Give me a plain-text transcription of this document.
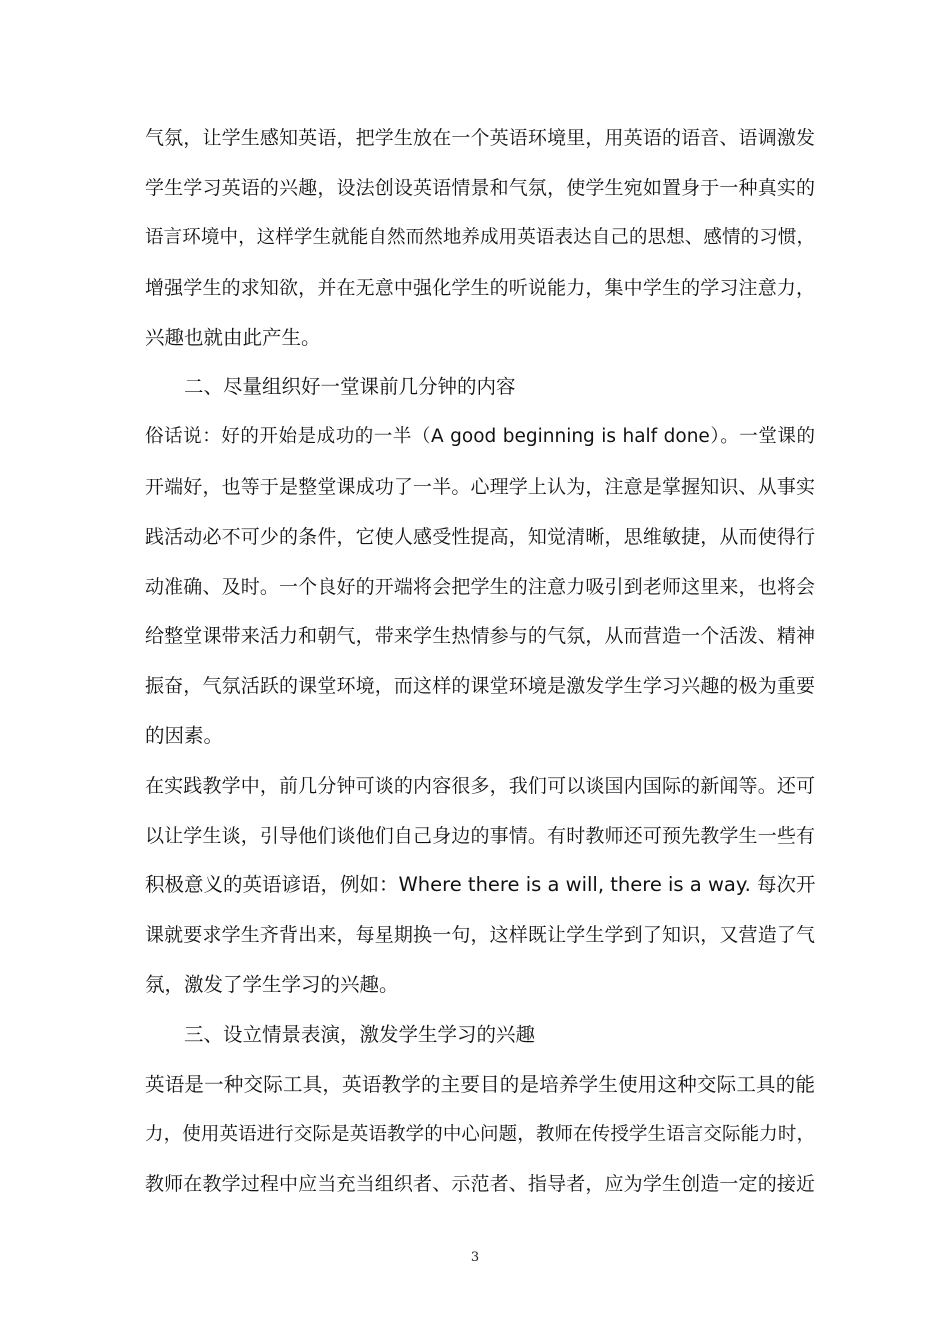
气氛，让学生感知英语，把学生放在一个英语环境里，用英语的语音、语调激发
学生学习英语的兴趣，设法创设英语情景和气氛，使学生宛如置身于一种真实的
语言环境中，这样学生就能自然而然地养成用英语表达自己的思想、感情的习惯，
增强学生的求知欲，并在无意中强化学生的听说能力，集中学生的学习注意力，
兴趣也就由此产生。
二、尽量组织好一堂课前几分钟的内容
俗话说：好的开始是成功的一半（A good beginning is half done）。一堂课的
开端好，也等于是整堂课成功了一半。心理学上认为，注意是掌握知识、从事实
践活动必不可少的条件，它使人感受性提高，知觉清晰，思维敏捷，从而使得行
动准确、及时。一个良好的开端将会把学生的注意力吸引到老师这里来，也将会
给整堂课带来活力和朝气，带来学生热情参与的气氛，从而营造一个活泼、精神
振奋，气氛活跃的课堂环境，而这样的课堂环境是激发学生学习兴趣的极为重要
的因素。
在实践教学中，前几分钟可谈的内容很多，我们可以谈国内国际的新闻等。还可
以让学生谈，引导他们谈他们自己身边的事情。有时教师还可预先教学生一些有
积极意义的英语谚语，例如：Where there is a will, there is a way. 每次开
课就要求学生齐背出来，每星期换一句，这样既让学生学到了知识，又营造了气
氛，激发了学生学习的兴趣。
三、设立情景表演，激发学生学习的兴趣
英语是一种交际工具，英语教学的主要目的是培养学生使用这种交际工具的能
力，使用英语进行交际是英语教学的中心问题，教师在传授学生语言交际能力时，
教师在教学过程中应当充当组织者、示范者、指导者，应为学生创造一定的接近
3
